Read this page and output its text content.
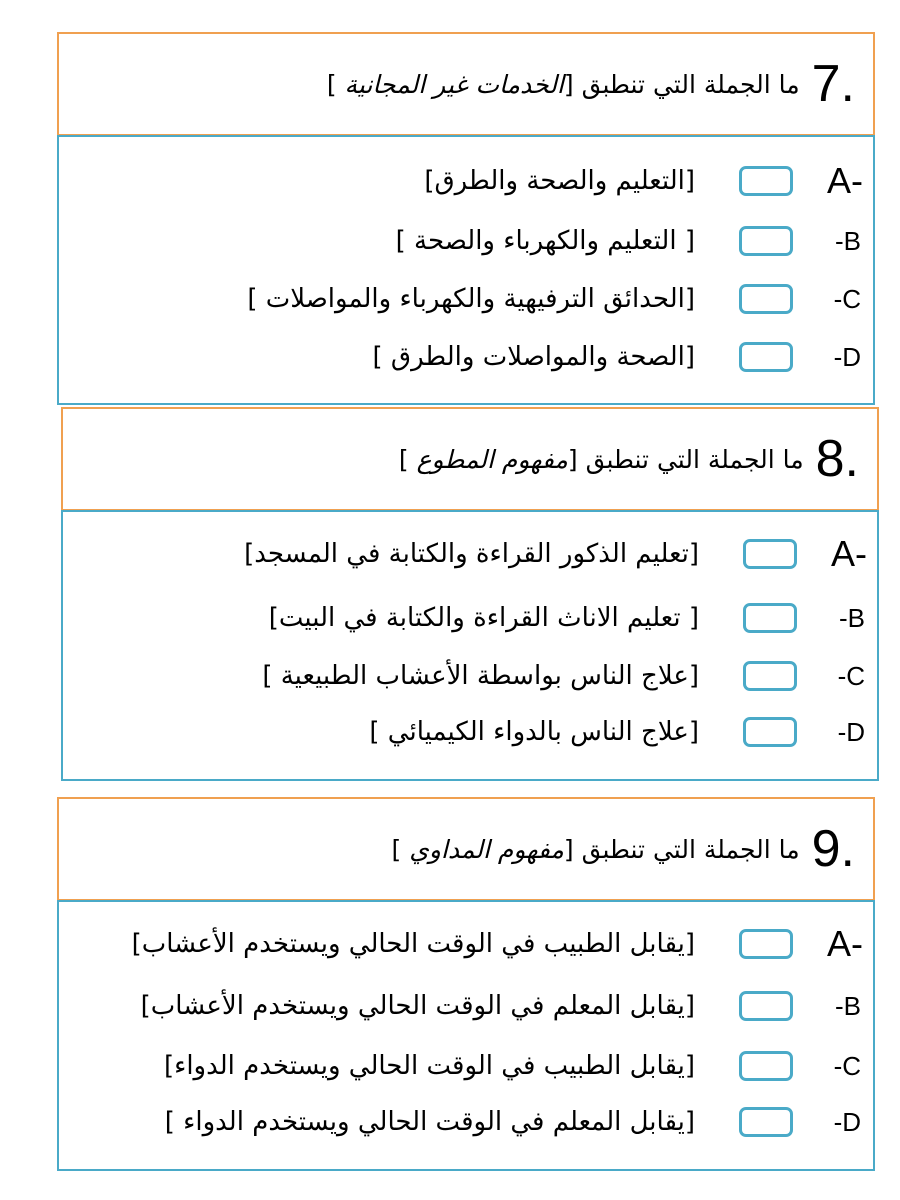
ما الجملة التي تنطبق [الخدمات غير المجانية ]	7.
[التعليم والصحة والطرق]	A-
[ التعليم والكهرباء والصحة ]	-B
[الحدائق الترفيهية والكهرباء والمواصلات ]	-C
[الصحة والمواصلات والطرق ]	-D
ما الجملة التي تنطبق [مفهوم المطوع ]	8.
[تعليم الذكور القراءة والكتابة في المسجد]	A-
[ تعليم الاناث القراءة والكتابة في البيت]	-B
[علاج الناس بواسطة الأعشاب الطبيعية ]	-C
[علاج الناس بالدواء الكيميائي ]	-D
ما الجملة التي تنطبق [مفهوم المداوي ]	9.
[يقابل الطبيب في الوقت الحالي ويستخدم الأعشاب]	A-
[يقابل المعلم في الوقت الحالي ويستخدم الأعشاب]	-B
[يقابل الطبيب في الوقت الحالي ويستخدم الدواء]	-C
[يقابل المعلم في الوقت الحالي ويستخدم الدواء ]	-D
